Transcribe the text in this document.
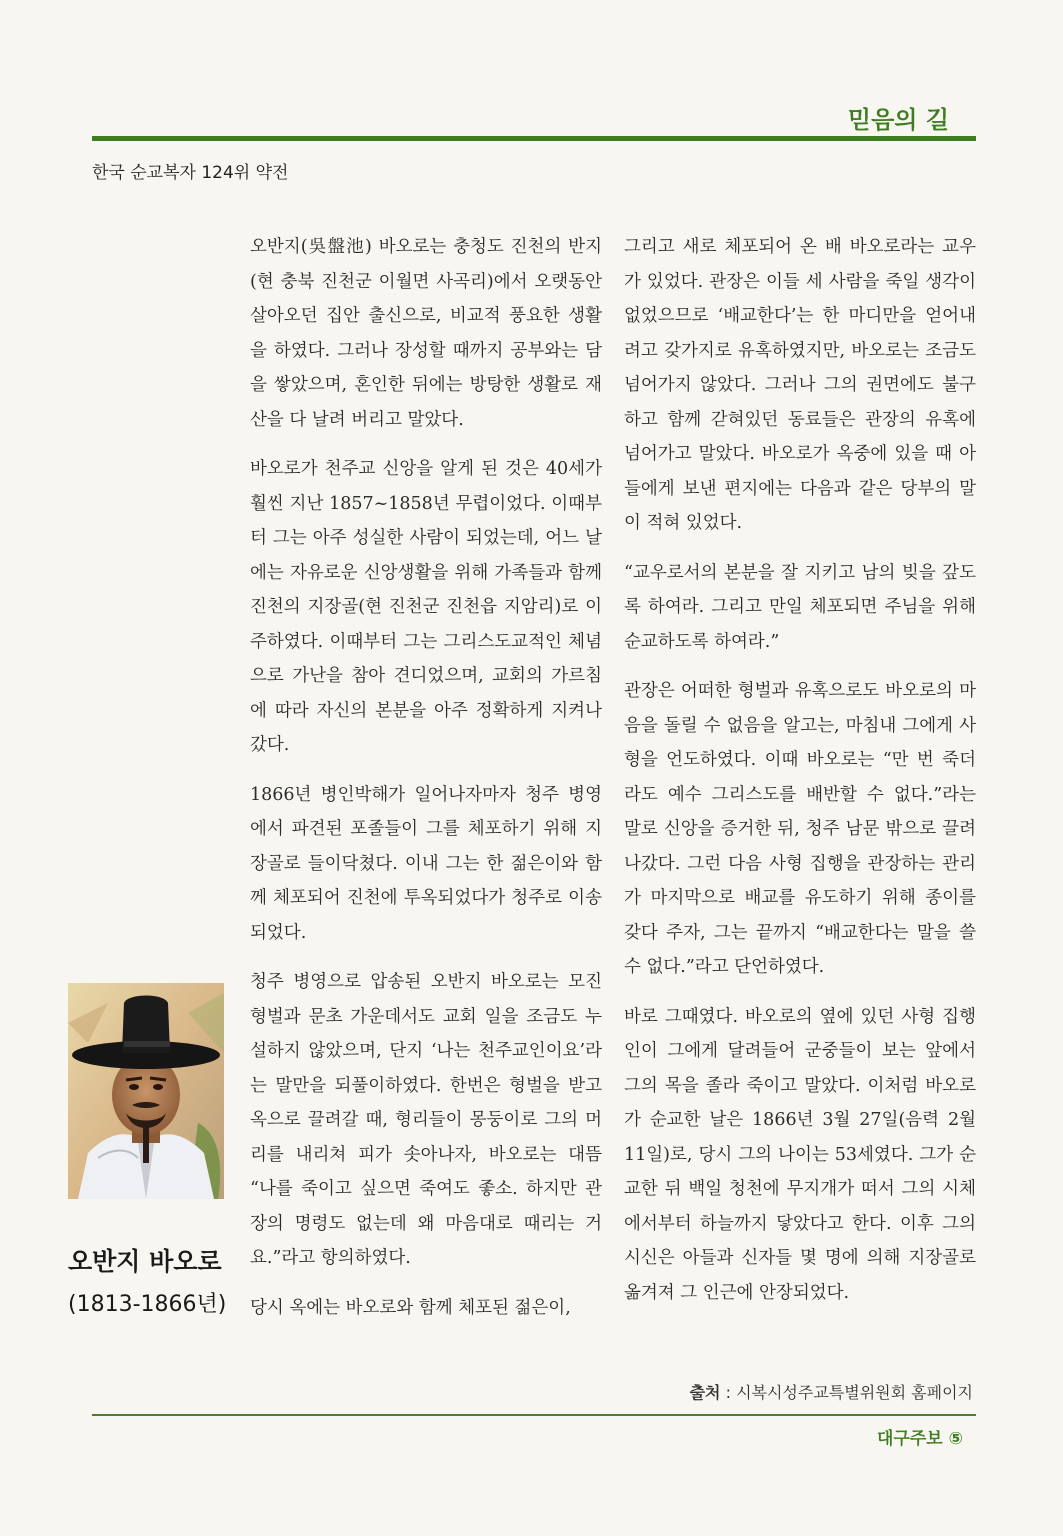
믿음의 길
한국 순교복자 124위 약전

오반지(吳盤池) 바오로는 충청도 진천의 반지(현 충북 진천군 이월면 사곡리)에서 오랫동안 살아오던 집안 출신으로, 비교적 풍요한 생활을 하였다. 그러나 장성할 때까지 공부와는 담을 쌓았으며, 혼인한 뒤에는 방탕한 생활로 재산을 다 날려 버리고 말았다.

바오로가 천주교 신앙을 알게 된 것은 40세가 훨씬 지난 1857~1858년 무렵이었다. 이때부터 그는 아주 성실한 사람이 되었는데, 어느 날에는 자유로운 신앙생활을 위해 가족들과 함께 진천의 지장골(현 진천군 진천읍 지암리)로 이주하였다. 이때부터 그는 그리스도교적인 체념으로 가난을 참아 견디었으며, 교회의 가르침에 따라 자신의 본분을 아주 정확하게 지켜나갔다.

1866년 병인박해가 일어나자마자 청주 병영에서 파견된 포졸들이 그를 체포하기 위해 지장골로 들이닥쳤다. 이내 그는 한 젊은이와 함께 체포되어 진천에 투옥되었다가 청주로 이송되었다.

청주 병영으로 압송된 오반지 바오로는 모진 형벌과 문초 가운데서도 교회 일을 조금도 누설하지 않았으며, 단지 ‘나는 천주교인이요’라는 말만을 되풀이하였다. 한번은 형벌을 받고 옥으로 끌려갈 때, 형리들이 몽둥이로 그의 머리를 내리쳐 피가 솟아나자, 바오로는 대뜸 “나를 죽이고 싶으면 죽여도 좋소. 하지만 관장의 명령도 없는데 왜 마음대로 때리는 거요.”라고 항의하였다.

당시 옥에는 바오로와 함께 체포된 젊은이,

그리고 새로 체포되어 온 배 바오로라는 교우가 있었다. 관장은 이들 세 사람을 죽일 생각이 없었으므로 ‘배교한다’는 한 마디만을 얻어내려고 갖가지로 유혹하였지만, 바오로는 조금도 넘어가지 않았다. 그러나 그의 권면에도 불구하고 함께 갇혀있던 동료들은 관장의 유혹에 넘어가고 말았다. 바오로가 옥중에 있을 때 아들에게 보낸 편지에는 다음과 같은 당부의 말이 적혀 있었다.

“교우로서의 본분을 잘 지키고 남의 빚을 갚도록 하여라. 그리고 만일 체포되면 주님을 위해 순교하도록 하여라.”

관장은 어떠한 형벌과 유혹으로도 바오로의 마음을 돌릴 수 없음을 알고는, 마침내 그에게 사형을 언도하였다. 이때 바오로는 “만 번 죽더라도 예수 그리스도를 배반할 수 없다.”라는 말로 신앙을 증거한 뒤, 청주 남문 밖으로 끌려나갔다. 그런 다음 사형 집행을 관장하는 관리가 마지막으로 배교를 유도하기 위해 종이를 갖다 주자, 그는 끝까지 “배교한다는 말을 쓸 수 없다.”라고 단언하였다.

바로 그때였다. 바오로의 옆에 있던 사형 집행인이 그에게 달려들어 군중들이 보는 앞에서 그의 목을 졸라 죽이고 말았다. 이처럼 바오로가 순교한 날은 1866년 3월 27일(음력 2월 11일)로, 당시 그의 나이는 53세였다. 그가 순교한 뒤 백일 청천에 무지개가 떠서 그의 시체에서부터 하늘까지 닿았다고 한다. 이후 그의 시신은 아들과 신자들 몇 명에 의해 지장골로 옮겨져 그 인근에 안장되었다.

오반지 바오로
(1813-1866년)
출처 : 시복시성주교특별위원회 홈페이지
대구주보 ⑤
